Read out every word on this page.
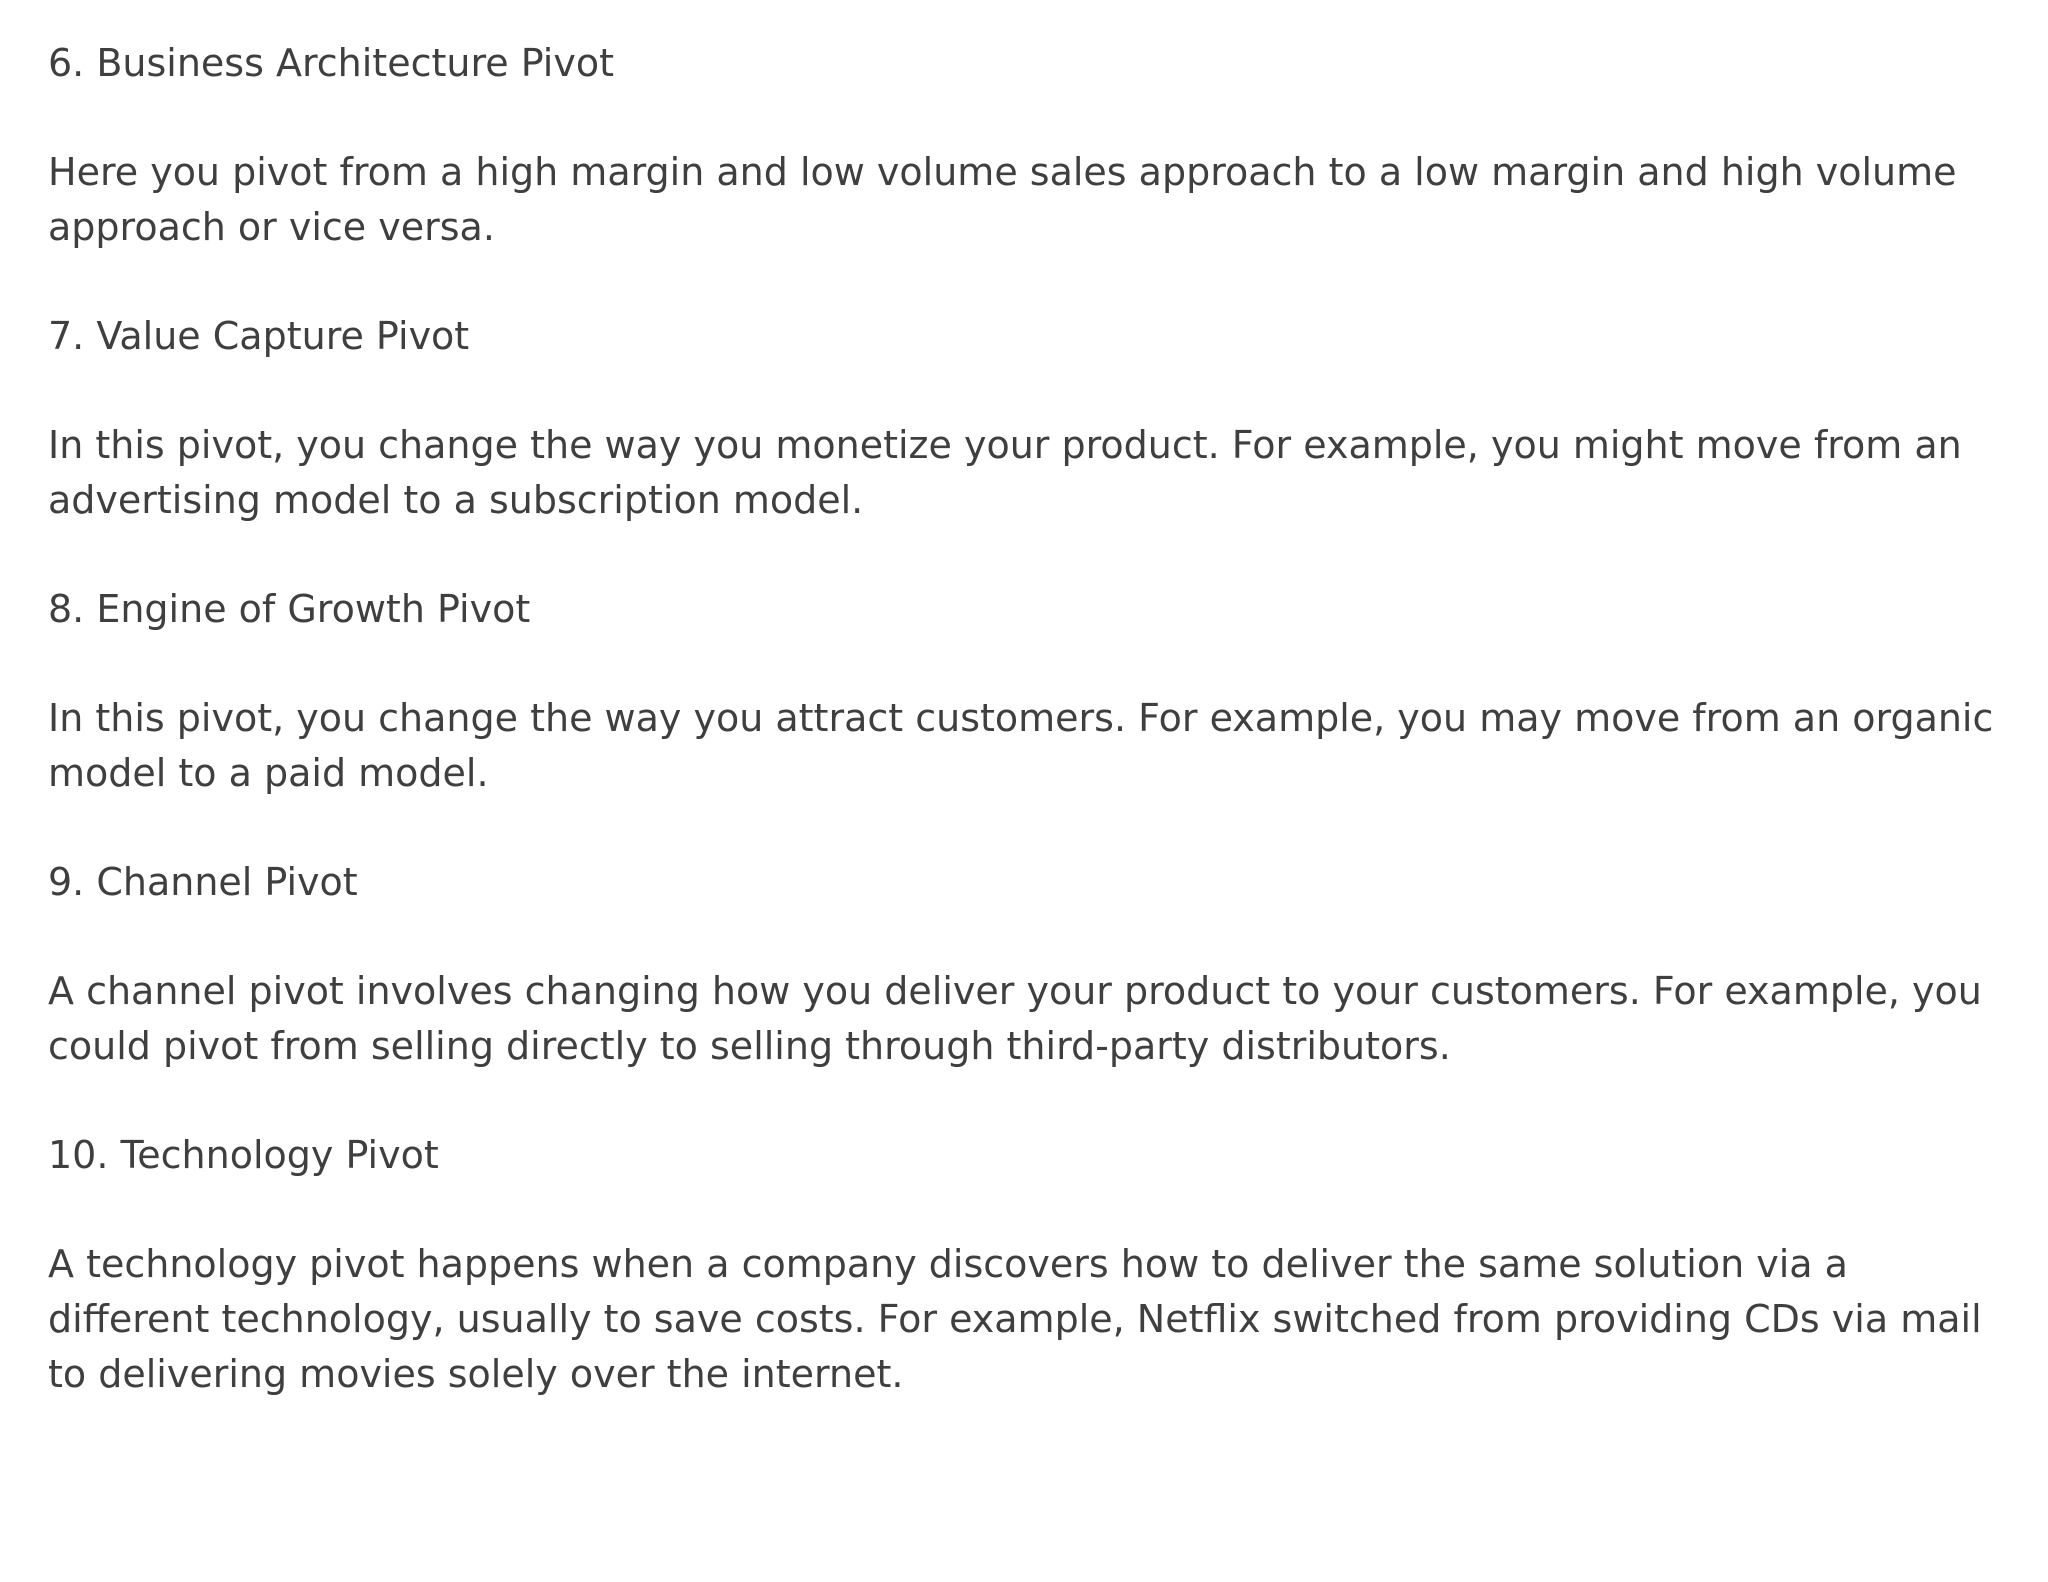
6. Business Architecture Pivot

Here you pivot from a high margin and low volume sales approach to a low margin and high volume approach or vice versa.

7. Value Capture Pivot

In this pivot, you change the way you monetize your product. For example, you might move from an advertising model to a subscription model.

8. Engine of Growth Pivot

In this pivot, you change the way you attract customers. For example, you may move from an organic model to a paid model.

9. Channel Pivot

A channel pivot involves changing how you deliver your product to your customers. For example, you could pivot from selling directly to selling through third-party distributors.

10. Technology Pivot

A technology pivot happens when a company discovers how to deliver the same solution via a different technology, usually to save costs. For example, Netflix switched from providing CDs via mail to delivering movies solely over the internet.
